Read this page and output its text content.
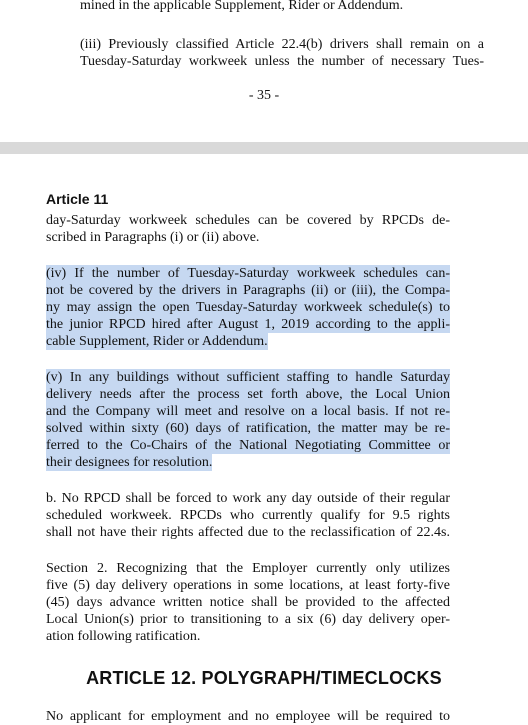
mined in the applicable Supplement, Rider or Addendum.
(iii) Previously classified Article 22.4(b) drivers shall remain on a
Tuesday-Saturday workweek unless the number of necessary Tues-
- 35 -
Article 11
day-Saturday workweek schedules can be covered by RPCDs de-
scribed in Paragraphs (i) or (ii) above.
(iv) If the number of Tuesday-Saturday workweek schedules can-
not be covered by the drivers in Paragraphs (ii) or (iii), the Compa-
ny may assign the open Tuesday-Saturday workweek schedule(s) to
the junior RPCD hired after August 1, 2019 according to the appli-
cable Supplement, Rider or Addendum.
(v) In any buildings without sufficient staffing to handle Saturday
delivery needs after the process set forth above, the Local Union
and the Company will meet and resolve on a local basis. If not re-
solved within sixty (60) days of ratification, the matter may be re-
ferred to the Co-Chairs of the National Negotiating Committee or
their designees for resolution.
b. No RPCD shall be forced to work any day outside of their regular
scheduled workweek. RPCDs who currently qualify for 9.5 rights
shall not have their rights affected due to the reclassification of 22.4s.
Section 2. Recognizing that the Employer currently only utilizes
five (5) day delivery operations in some locations, at least forty-five
(45) days advance written notice shall be provided to the affected
Local Union(s) prior to transitioning to a six (6) day delivery oper-
ation following ratification.
ARTICLE 12. POLYGRAPH/TIMECLOCKS
No applicant for employment and no employee will be required to
